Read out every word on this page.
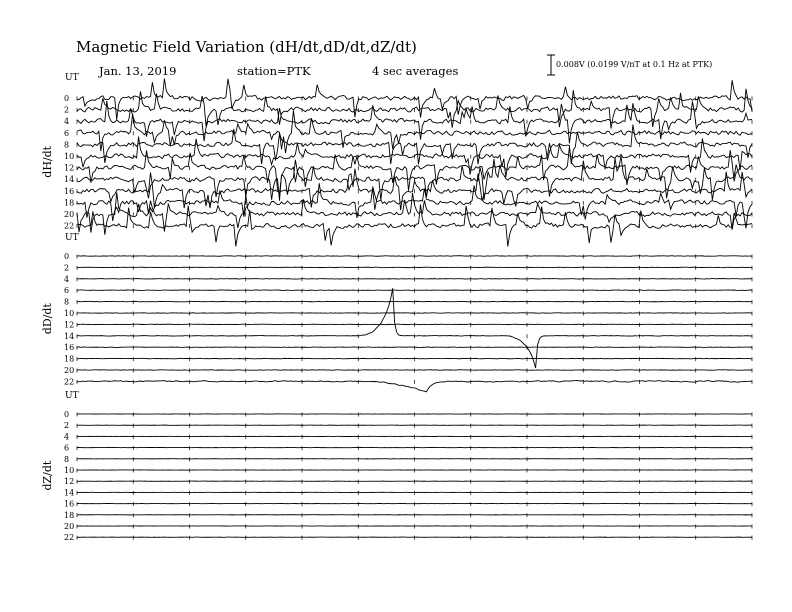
Magnetic Field Variation (dH/dt,dD/dt,dZ/dt)
Jan. 13, 2019	station=PTK	4 sec averages	0.008V (0.0199 V/nT at 0.1 Hz at PTK)
UT
dH/dt
0
2
4
6
8
10
12
14
16
18
20
22
UT
dD/dt
0
2
4
6
8
10
12
14
16
18
20
22
UT
dZ/dt
0
2
4
6
8
10
12
14
16
18
20
22
